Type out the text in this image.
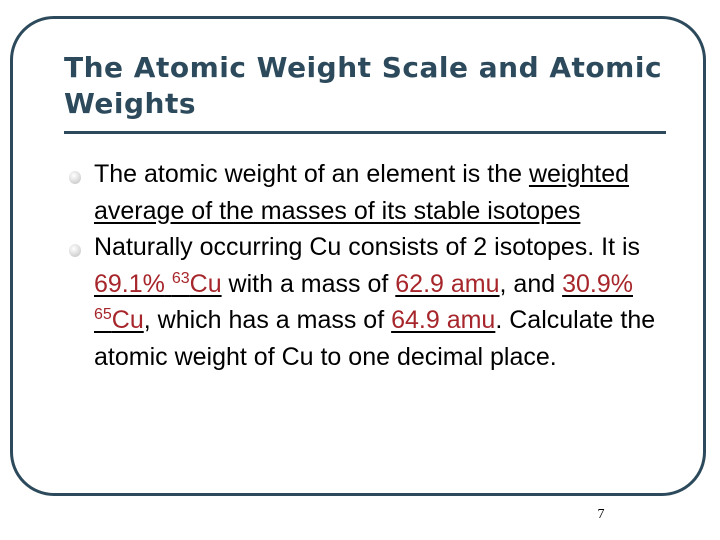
The Atomic Weight Scale and Atomic Weights
The atomic weight of an element is the weighted average of the masses of its stable isotopes
Naturally occurring Cu consists of 2 isotopes. It is 69.1% $^{63}$Cu with a mass of 62.9 amu, and 30.9% $^{65}$Cu, which has a mass of 64.9 amu. Calculate the atomic weight of Cu to one decimal place.
7
